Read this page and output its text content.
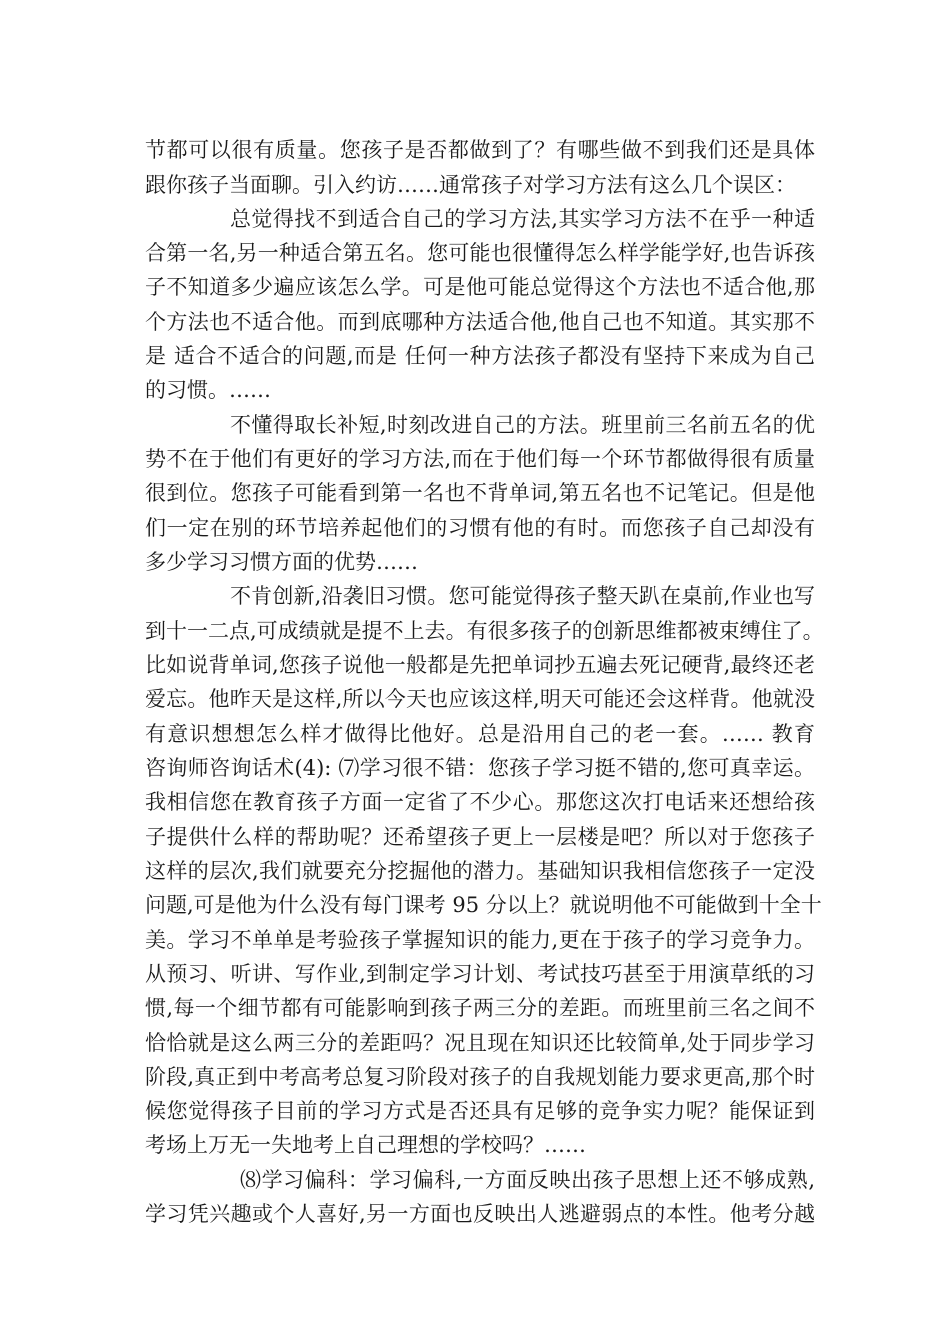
节都可以很有质量。您孩子是否都做到了？有哪些做不到我们还是具体
跟你孩子当面聊。引入约访……通常孩子对学习方法有这么几个误区：
总觉得找不到适合自己的学习方法,其实学习方法不在乎一种适
合第一名,另一种适合第五名。您可能也很懂得怎么样学能学好,也告诉孩
子不知道多少遍应该怎么学。可是他可能总觉得这个方法也不适合他,那
个方法也不适合他。而到底哪种方法适合他,他自己也不知道。其实那不
是 适合不适合的问题,而是 任何一种方法孩子都没有坚持下来成为自己
的习惯。……
不懂得取长补短,时刻改进自己的方法。班里前三名前五名的优
势不在于他们有更好的学习方法,而在于他们每一个环节都做得很有质量
很到位。您孩子可能看到第一名也不背单词,第五名也不记笔记。但是他
们一定在别的环节培养起他们的习惯有他的有时。而您孩子自己却没有
多少学习习惯方面的优势……
不肯创新,沿袭旧习惯。您可能觉得孩子整天趴在桌前,作业也写
到十一二点,可成绩就是提不上去。有很多孩子的创新思维都被束缚住了。
比如说背单词,您孩子说他一般都是先把单词抄五遍去死记硬背,最终还老
爱忘。他昨天是这样,所以今天也应该这样,明天可能还会这样背。他就没
有意识想想怎么样才做得比他好。总是沿用自己的老一套。…… 教育
咨询师咨询话术(4): ⑺学习很不错：您孩子学习挺不错的,您可真幸运。
我相信您在教育孩子方面一定省了不少心。那您这次打电话来还想给孩
子提供什么样的帮助呢？还希望孩子更上一层楼是吧？所以对于您孩子
这样的层次,我们就要充分挖掘他的潜力。基础知识我相信您孩子一定没
问题,可是他为什么没有每门课考 95 分以上？就说明他不可能做到十全十
美。学习不单单是考验孩子掌握知识的能力,更在于孩子的学习竞争力。
从预习、听讲、写作业,到制定学习计划、考试技巧甚至于用演草纸的习
惯,每一个细节都有可能影响到孩子两三分的差距。而班里前三名之间不
恰恰就是这么两三分的差距吗？况且现在知识还比较简单,处于同步学习
阶段,真正到中考高考总复习阶段对孩子的自我规划能力要求更高,那个时
候您觉得孩子目前的学习方式是否还具有足够的竞争实力呢？能保证到
考场上万无一失地考上自己理想的学校吗？……
⑻学习偏科：学习偏科,一方面反映出孩子思想上还不够成熟,
学习凭兴趣或个人喜好,另一方面也反映出人逃避弱点的本性。他考分越
